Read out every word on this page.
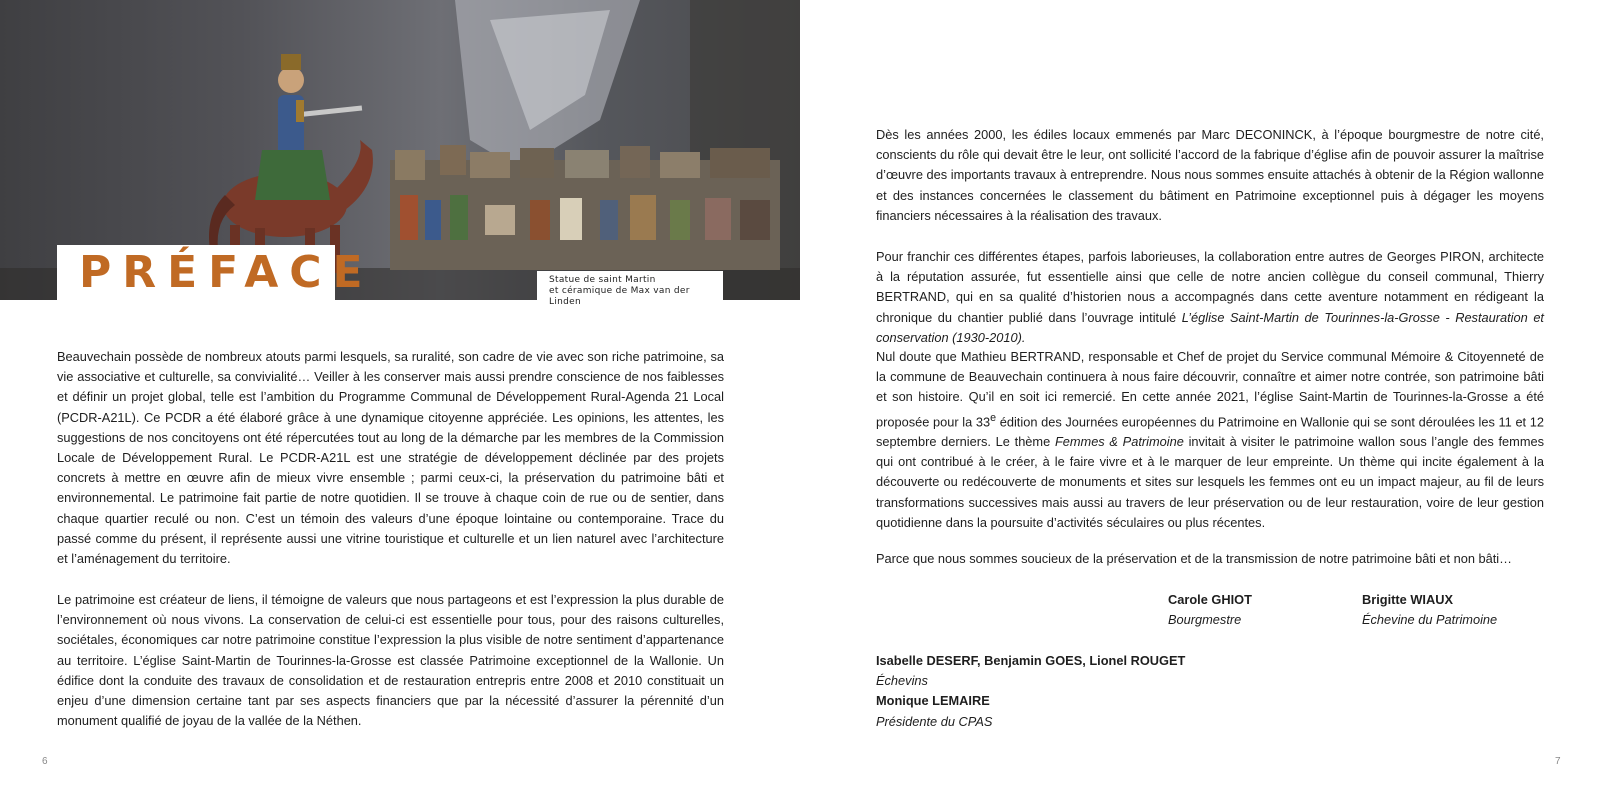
PRÉFACE	Statue de saint Martin
et céramique de Max van der Linden

Beauvechain possède de nombreux atouts parmi lesquels, sa ruralité, son cadre de vie avec son riche patrimoine, sa vie associative et culturelle, sa convivialité… Veiller à les conserver mais aussi prendre conscience de nos faiblesses et définir un projet global, telle est l’ambition du Programme Communal de Développement Rural-Agenda 21 Local (PCDR-A21L). Ce PCDR a été élaboré grâce à une dynamique citoyenne appréciée. Les opinions, les attentes, les suggestions de nos concitoyens ont été répercutées tout au long de la démarche par les membres de la Commission Locale de Développement Rural. Le PCDR-A21L est une stratégie de développement déclinée par des projets concrets à mettre en œuvre afin de mieux vivre ensemble ; parmi ceux-ci, la préservation du patrimoine bâti et environnemental. Le patrimoine fait partie de notre quotidien. Il se trouve à chaque coin de rue ou de sentier, dans chaque quartier reculé ou non. C’est un témoin des valeurs d’une époque lointaine ou contemporaine. Trace du passé comme du présent, il représente aussi une vitrine touristique et culturelle et un lien naturel avec l’architecture et l’aménagement du territoire.

Le patrimoine est créateur de liens, il témoigne de valeurs que nous partageons et est l’expression la plus durable de l’environnement où nous vivons. La conservation de celui-ci est essentielle pour tous, pour des raisons culturelles, sociétales, économiques car notre patrimoine constitue l’expression la plus visible de notre sentiment d’appartenance au territoire. L’église Saint-Martin de Tourinnes-la-Grosse est classée Patrimoine exceptionnel de la Wallonie. Un édifice dont la conduite des travaux de consolidation et de restauration entrepris entre 2008 et 2010 constituait un enjeu d’une dimension certaine tant par ses aspects financiers que par la nécessité d’assurer la pérennité d’un monument qualifié de joyau de la vallée de la Néthen.

6

Dès les années 2000, les édiles locaux emmenés par Marc DECONINCK, à l’époque bourgmestre de notre cité, conscients du rôle qui devait être le leur, ont sollicité l’accord de la fabrique d’église afin de pouvoir assurer la maîtrise d’œuvre des importants travaux à entreprendre. Nous nous sommes ensuite attachés à obtenir de la Région wallonne et des instances concernées le classement du bâtiment en Patrimoine exceptionnel puis à dégager les moyens financiers nécessaires à la réalisation des travaux.

Pour franchir ces différentes étapes, parfois laborieuses, la collaboration entre autres de Georges PIRON, architecte à la réputation assurée, fut essentielle ainsi que celle de notre ancien collègue du conseil communal, Thierry BERTRAND, qui en sa qualité d’historien nous a accompagnés dans cette aventure notamment en rédigeant la chronique du chantier publié dans l’ouvrage intitulé L’église Saint-Martin de Tourinnes-la-Grosse - Restauration et conservation (1930-2010).

Nul doute que Mathieu BERTRAND, responsable et Chef de projet du Service communal Mémoire & Citoyenneté de la commune de Beauvechain continuera à nous faire découvrir, connaître et aimer notre contrée, son patrimoine bâti et son histoire. Qu’il en soit ici remercié. En cette année 2021, l’église Saint-Martin de Tourinnes-la-Grosse a été proposée pour la 33e édition des Journées européennes du Patrimoine en Wallonie qui se sont déroulées les 11 et 12 septembre derniers. Le thème Femmes & Patrimoine invitait à visiter le patrimoine wallon sous l’angle des femmes qui ont contribué à le créer, à le faire vivre et à le marquer de leur empreinte. Un thème qui incite également à la découverte ou redécouverte de monuments et sites sur lesquels les femmes ont eu un impact majeur, au fil de leurs transformations successives mais aussi au travers de leur préservation ou de leur restauration, voire de leur gestion quotidienne dans la poursuite d’activités séculaires ou plus récentes.

Parce que nous sommes soucieux de la préservation et de la transmission de notre patrimoine bâti et non bâti…

Carole GHIOT
Bourgmestre
Brigitte WIAUX
Échevine du Patrimoine
Isabelle DESERF, Benjamin GOES, Lionel ROUGET
Échevins
Monique LEMAIRE
Présidente du CPAS
7
